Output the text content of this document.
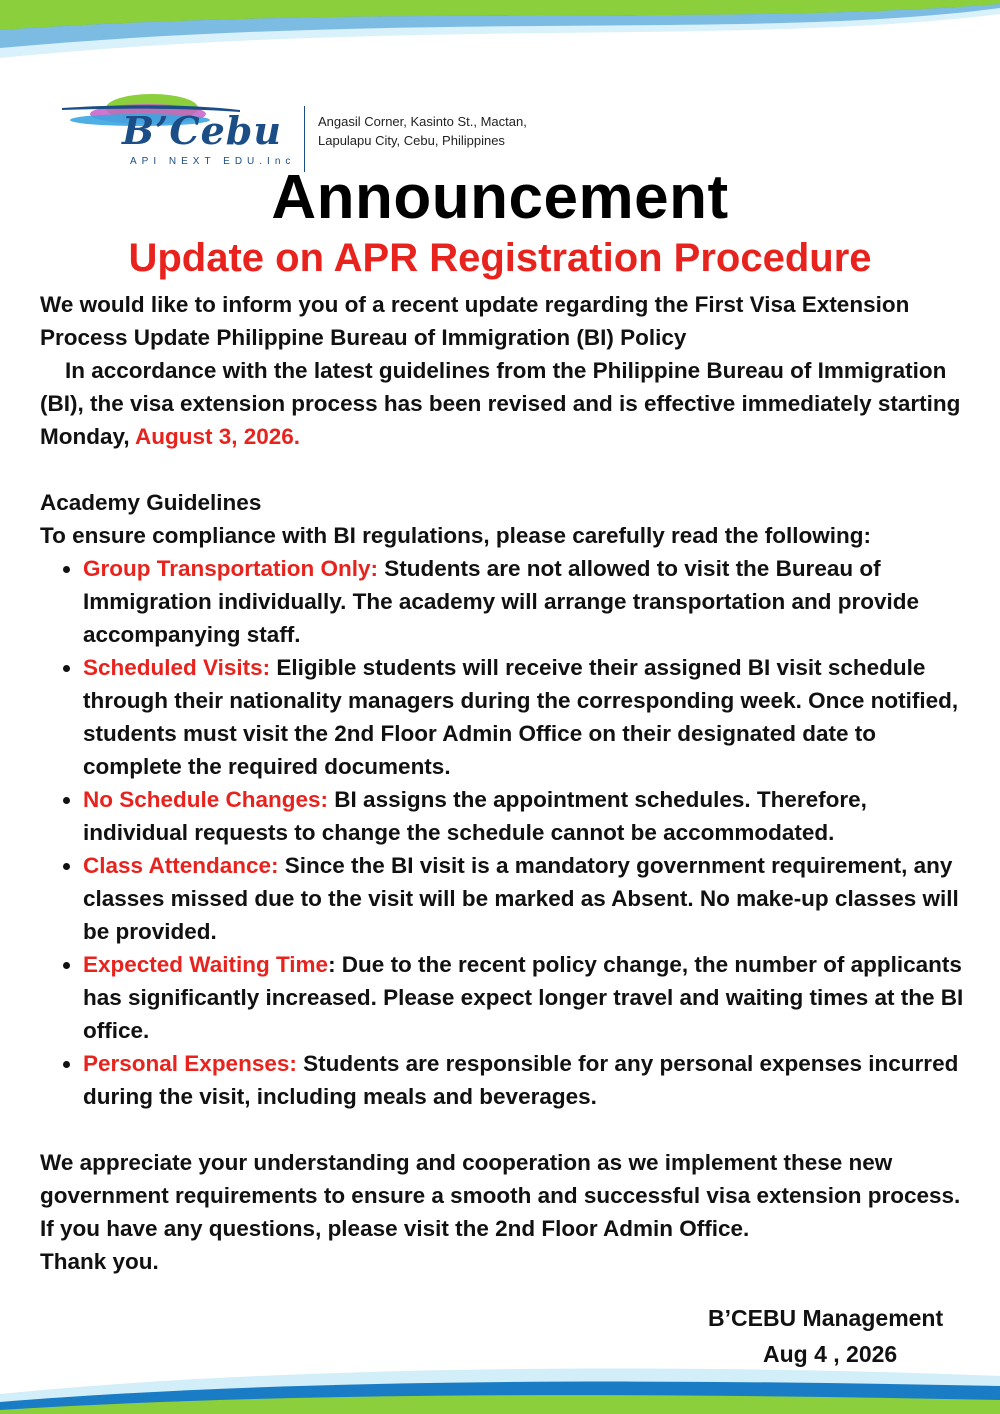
B’Cebu
API NEXT EDU.Inc
Angasil Corner, Kasinto St., Mactan,
Lapulapu City, Cebu, Philippines
Announcement
Update on APR Registration Procedure

We would like to inform you of a recent update regarding the First Visa Extension Process Update Philippine Bureau of Immigration (BI) Policy

In accordance with the latest guidelines from the Philippine Bureau of Immigration (BI), the visa extension process has been revised and is effective immediately starting Monday, August 3, 2026.

Academy Guidelines

To ensure compliance with BI regulations, please carefully read the following:

• Group Transportation Only: Students are not allowed to visit the Bureau of Immigration individually. The academy will arrange transportation and provide accompanying staff.
• Scheduled Visits: Eligible students will receive their assigned BI visit schedule through their nationality managers during the corresponding week. Once notified, students must visit the 2nd Floor Admin Office on their designated date to complete the required documents.
• No Schedule Changes: BI assigns the appointment schedules. Therefore, individual requests to change the schedule cannot be accommodated.
• Class Attendance: Since the BI visit is a mandatory government requirement, any classes missed due to the visit will be marked as Absent. No make-up classes will be provided.
• Expected Waiting Time: Due to the recent policy change, the number of applicants has significantly increased. Please expect longer travel and waiting times at the BI office.
• Personal Expenses: Students are responsible for any personal expenses incurred during the visit, including meals and beverages.

We appreciate your understanding and cooperation as we implement these new government requirements to ensure a smooth and successful visa extension process.

If you have any questions, please visit the 2nd Floor Admin Office.

Thank you.

B’CEBU Management
Aug 4 , 2026
